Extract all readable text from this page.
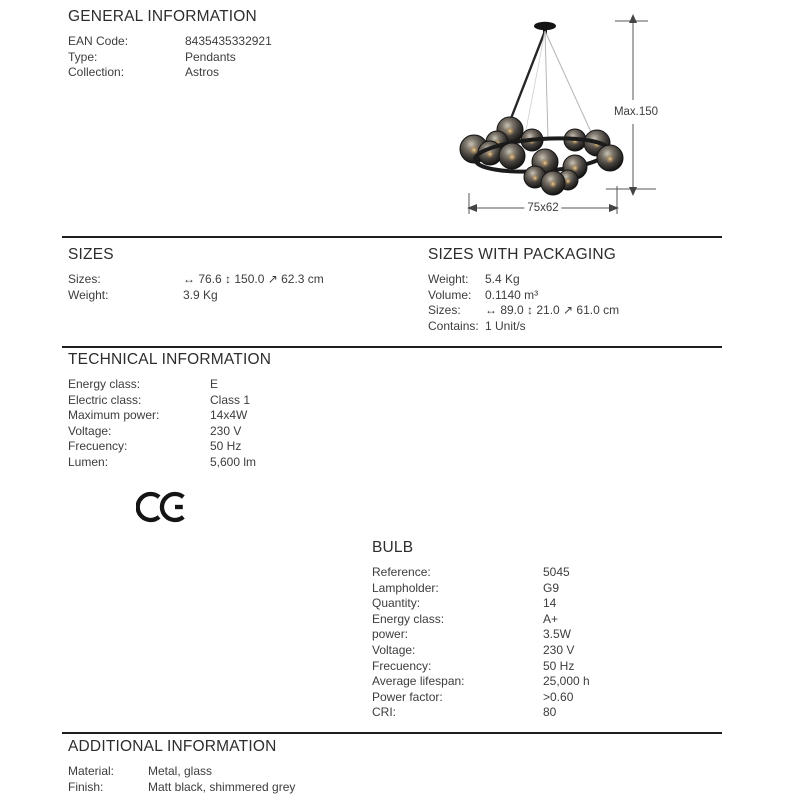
GENERAL INFORMATION
EAN Code:	8435435332921
Type:	Pendants
Collection:	Astros
Max.150
75x62
SIZES
Sizes:	↔ 76.6 ↕ 150.0 ↗ 62.3 cm
Weight:	3.9 Kg
SIZES WITH PACKAGING
Weight:	5.4 Kg
Volume:	0.1140 m³
Sizes:	↔ 89.0 ↕ 21.0 ↗ 61.0 cm
Contains: 1 Unit/s
TECHNICAL INFORMATION
Energy class:	E
Electric class:	Class 1
Maximum power:	14x4W
Voltage:	230 V
Frecuency:	50 Hz
Lumen:	5,600 lm
BULB
Reference:	5045
Lampholder:	G9
Quantity:	14
Energy class:	A+
power:	3.5W
Voltage:	230 V
Frecuency:	50 Hz
Average lifespan:	25,000 h
Power factor:	>0.60
CRI:	80
ADDITIONAL INFORMATION
Material:	Metal, glass
Finish:	Matt black, shimmered grey
